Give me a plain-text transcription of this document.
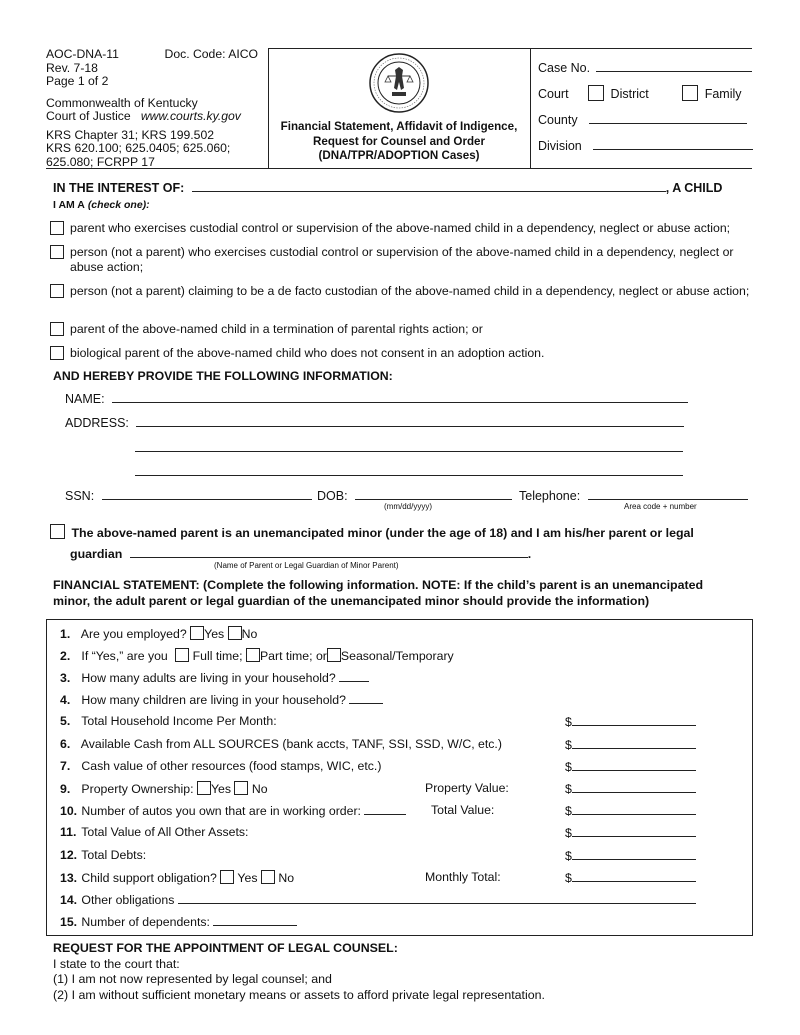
AOC-DNA-11	Doc. Code: AICO
Rev. 7-18
Page 1 of 2
Commonwealth of Kentucky
Court of Justice www.courts.ky.gov
KRS Chapter 31; KRS 199.502
KRS 620.100; 625.0405; 625.060;
625.080; FCRPP 17
Financial Statement, Affidavit of Indigence,
Request for Counsel and Order
(DNA/TPR/ADOPTION Cases)
Case No.
Court	District	Family
County
Division
IN THE INTEREST OF:	, A CHILD
I AM A (check one):
parent who exercises custodial control or supervision of the above-named child in a dependency, neglect or abuse action;
person (not a parent) who exercises custodial control or supervision of the above-named child in a dependency, neglect or abuse action;
person (not a parent) claiming to be a de facto custodian of the above-named child in a dependency, neglect or abuse action;
parent of the above-named child in a termination of parental rights action; or
biological parent of the above-named child who does not consent in an adoption action.
AND HEREBY PROVIDE THE FOLLOWING INFORMATION:
NAME:
ADDRESS:
SSN:	DOB:
(mm/dd/yyyy)
Telephone:
Area code + number
The above-named parent is an unemancipated minor (under the age of 18) and I am his/her parent or legal
guardian	.
(Name of Parent or Legal Guardian of Minor Parent)
FINANCIAL STATEMENT: (Complete the following information. NOTE: If the child’s parent is an unemancipated
minor, the adult parent or legal guardian of the unemancipated minor should provide the information)
1. Are you employed? Yes No
2. If “Yes,” are you Full time; Part time; or Seasonal/Temporary
3. How many adults are living in your household?
4. How many children are living in your household?
5. Total Household Income Per Month:	$
6. Available Cash from ALL SOURCES (bank accts, TANF, SSI, SSD, W/C, etc.)	$
7. Cash value of other resources (food stamps, WIC, etc.)	$
9. Property Ownership: Yes No	Property Value:	$
10. Number of autos you own that are in working order:	Total Value:	$
11. Total Value of All Other Assets:	$
12. Total Debts:	$
13. Child support obligation? Yes No	Monthly Total:	$
14. Other obligations
15. Number of dependents:
REQUEST FOR THE APPOINTMENT OF LEGAL COUNSEL:
I state to the court that:
(1) I am not now represented by legal counsel; and
(2) I am without sufficient monetary means or assets to afford private legal representation.
